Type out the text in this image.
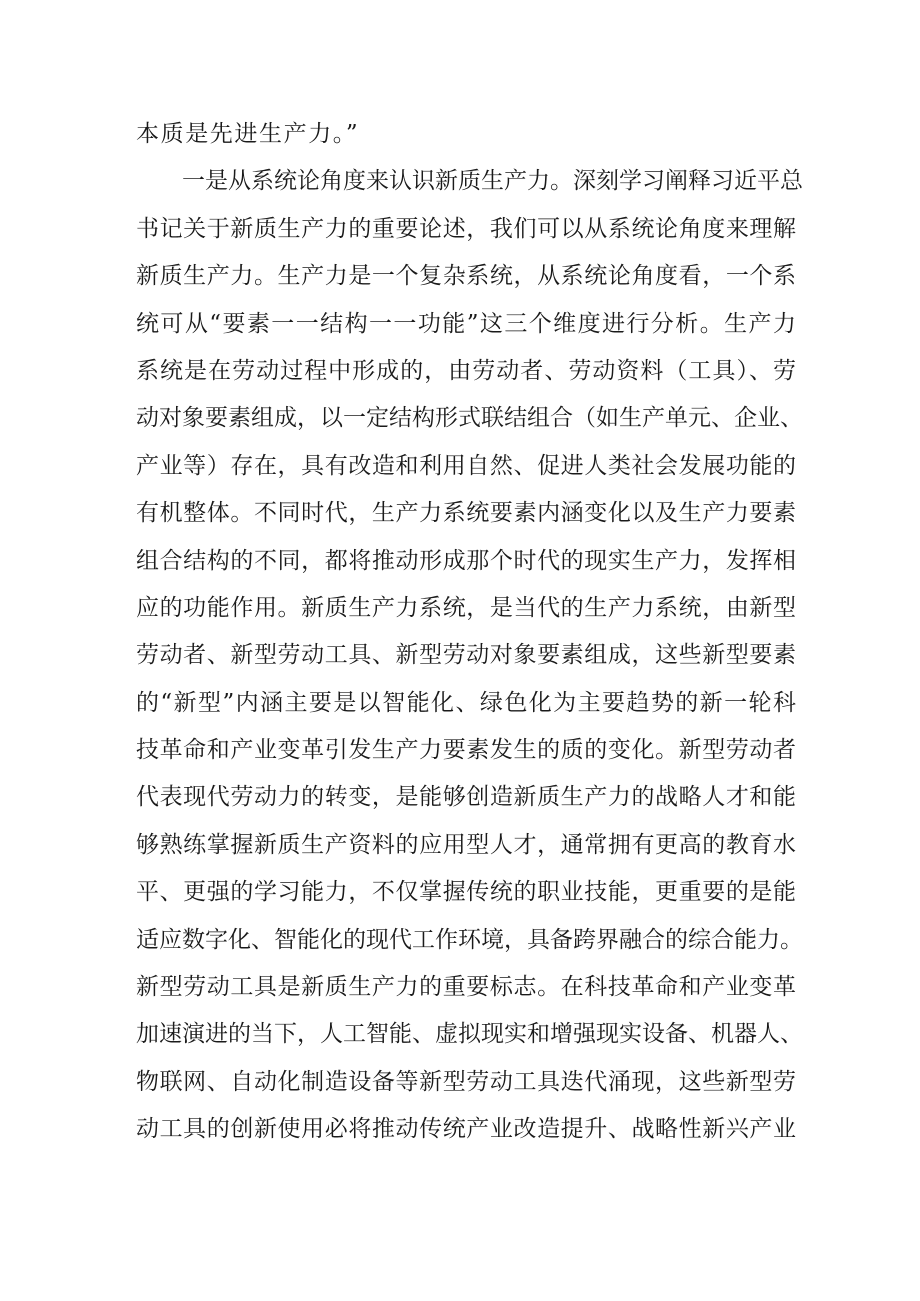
本质是先进生产力。”
一是从系统论角度来认识新质生产力。深刻学习阐释习近平总
书记关于新质生产力的重要论述，我们可以从系统论角度来理解
新质生产力。生产力是一个复杂系统，从系统论角度看，一个系
统可从“要素一一结构一一功能”这三个维度进行分析。生产力
系统是在劳动过程中形成的，由劳动者、劳动资料（工具）、劳
动对象要素组成，以一定结构形式联结组合（如生产单元、企业、
产业等）存在，具有改造和利用自然、促进人类社会发展功能的
有机整体。不同时代，生产力系统要素内涵变化以及生产力要素
组合结构的不同，都将推动形成那个时代的现实生产力，发挥相
应的功能作用。新质生产力系统，是当代的生产力系统，由新型
劳动者、新型劳动工具、新型劳动对象要素组成，这些新型要素
的“新型”内涵主要是以智能化、绿色化为主要趋势的新一轮科
技革命和产业变革引发生产力要素发生的质的变化。新型劳动者
代表现代劳动力的转变，是能够创造新质生产力的战略人才和能
够熟练掌握新质生产资料的应用型人才，通常拥有更高的教育水
平、更强的学习能力，不仅掌握传统的职业技能，更重要的是能
适应数字化、智能化的现代工作环境，具备跨界融合的综合能力。
新型劳动工具是新质生产力的重要标志。在科技革命和产业变革
加速演进的当下，人工智能、虚拟现实和增强现实设备、机器人、
物联网、自动化制造设备等新型劳动工具迭代涌现，这些新型劳
动工具的创新使用必将推动传统产业改造提升、战略性新兴产业
